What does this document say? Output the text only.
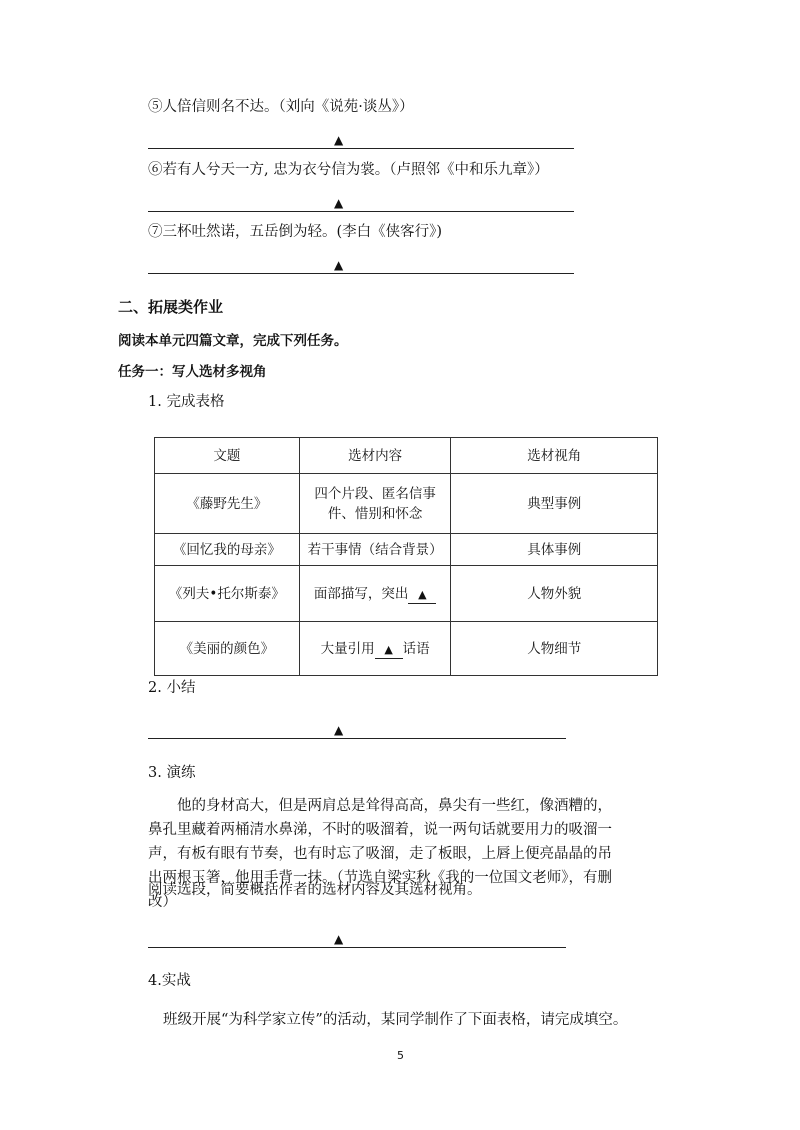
⑤人倍信则名不达。（刘向《说苑·谈丛》）
▲
⑥若有人兮天一方, 忠为衣兮信为裳。（卢照邻《中和乐九章》）
▲
⑦三杯吐然诺，五岳倒为轻。(李白《侠客行》)
▲
二、拓展类作业
阅读本单元四篇文章，完成下列任务。
任务一：写人选材多视角
1. 完成表格
文题	选材内容	选材视角
《藤野先生》	四个片段、匿名信事件、惜别和怀念	典型事例
《回忆我的母亲》	若干事情（结合背景）	具体事例
《列夫•托尔斯泰》	面部描写，突出 ▲	人物外貌
《美丽的颜色》	大量引用 ▲ 话语	人物细节
2. 小结
▲
3. 演练

他的身材高大，但是两肩总是耸得高高，鼻尖有一些红，像酒糟的，鼻孔里藏着两桶清水鼻涕，不时的吸溜着，说一两句话就要用力的吸溜一声，有板有眼有节奏，也有时忘了吸溜，走了板眼，上唇上便亮晶晶的吊出两根玉箸，他用手背一抹。（节选自梁实秋《我的一位国文老师》，有删改）

阅读选段，简要概括作者的选材内容及其选材视角。
▲
4.实战
班级开展“为科学家立传”的活动，某同学制作了下面表格，请完成填空。
5
